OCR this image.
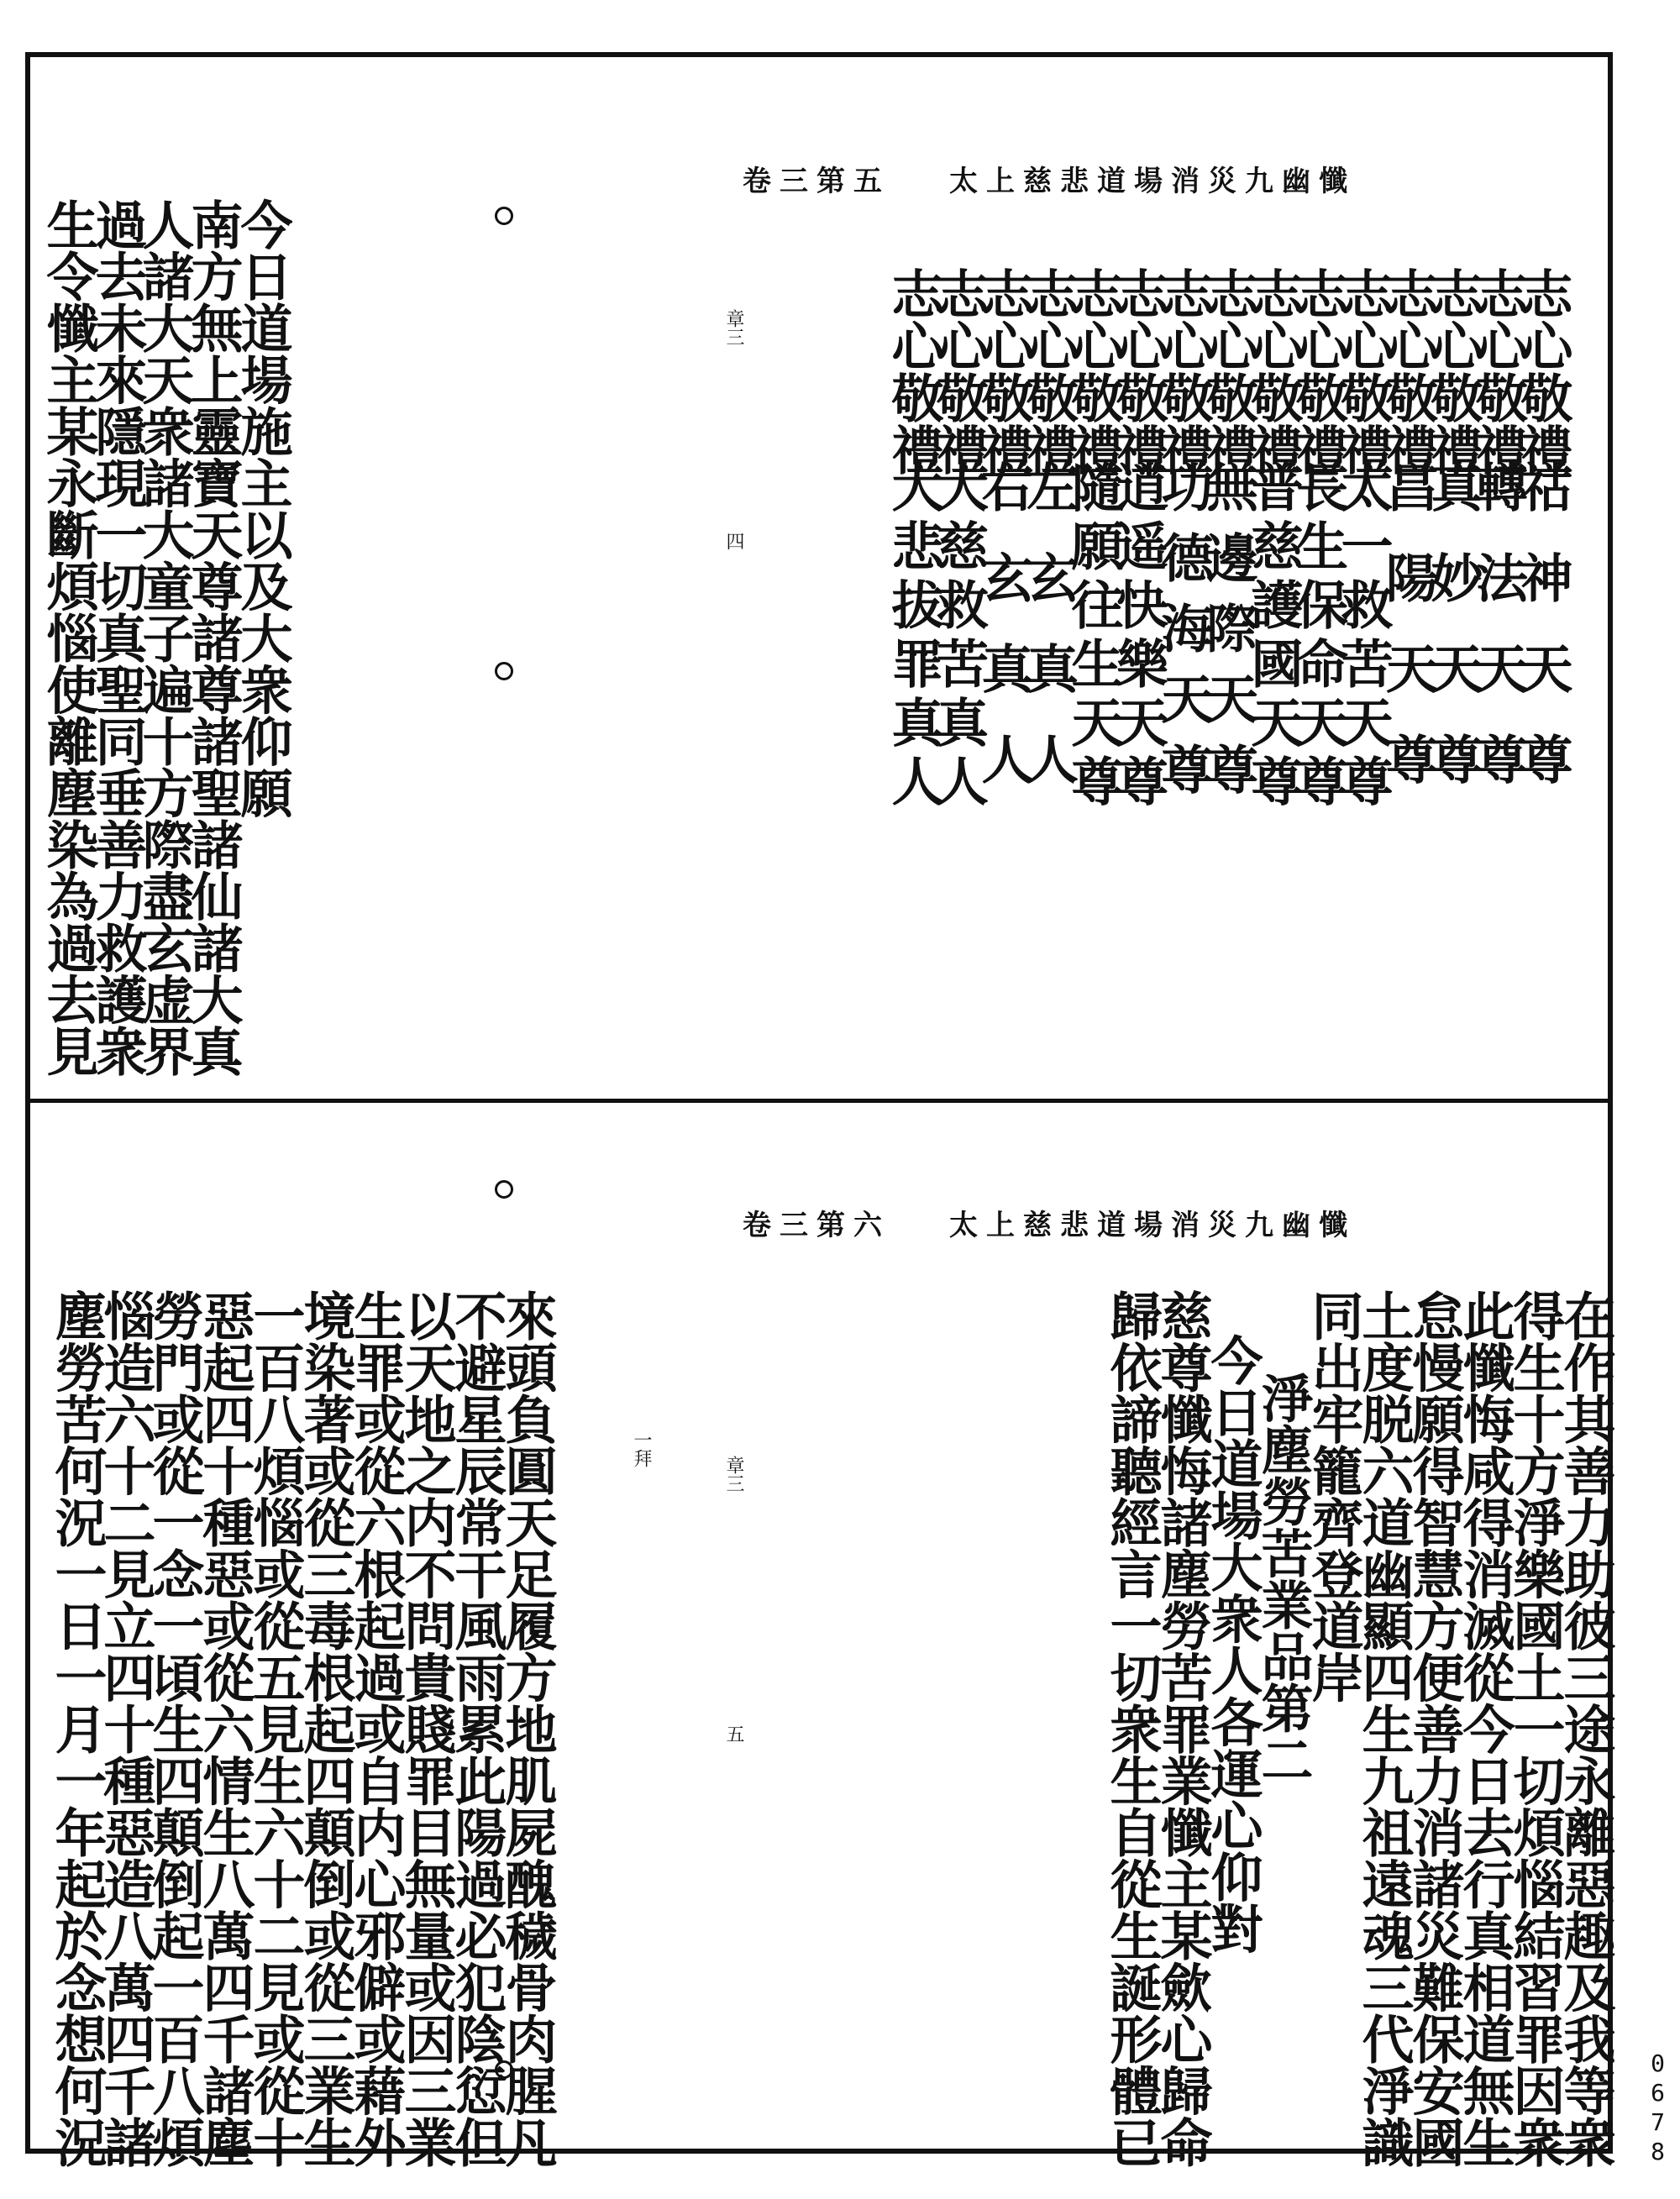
太上慈悲道場消災九幽懺
卷三第五
志心敬禮
祜神天尊
志心敬禮
轉法天尊
志心敬禮
真妙天尊
志心敬禮
昌陽天尊
志心敬禮
太一救苦天尊
志心敬禮
長生保命天尊
志心敬禮
普慈護國天尊
志心敬禮
無邊際天尊
志心敬禮
功德海天尊
志心敬禮
逍遥快樂天尊
志心敬禮
隨願往生天尊
志心敬禮
左玄真人
志心敬禮
右玄真人
志心敬禮
大慈救苦真人
志心敬禮
大悲拔罪真人
章三
四
今日道場施主以及大衆仰願
南方無上靈寶天尊諸尊諸聖諸仙諸大真
人諸大天衆諸大童子遍十方際盡玄虚界
過去未來隱現一切真聖同垂善力救護衆
生令懺主某永斷煩惱使離塵染為過去見
太上慈悲道場消災九幽懺
卷三第六
在作其善力助彼三途永離惡趣及我等衆
得生十方淨樂國土一切煩惱結習罪因衆
此懺悔咸得消滅從今日去行真相道無生
怠慢願得智慧方便善力消諸災難保安國
土度脱六道幽顯四生九祖遠魂三代淨識
同出牢籠齊登道岸
淨塵勞苦業品第二
今日道場大衆人各運心仰對
慈尊懺悔諸塵勞苦罪業懺主某歛心歸命
歸依諦聽經言一切衆生自從生誕形體已
來頭負圓天足履方地肌屍醜穢骨肉腥凡
不避星辰常干風雨累此陽過必犯陰愆但
以天地之内不問貴賤罪目無量或因三業
生罪或從六根起過或自内心邪僻或藉外
境染著或從三毒根起四顛倒或從三業生
一百八煩惱或從五見生六十二見或從十
惡起四十種惡或從六情生八萬四千諸塵
勞門或從一念一頃生四顛倒起一百八煩
惱造六十二見立四十種惡造八萬四千諸
塵勞苦何況一日一月一年起於念想何況	一拜
章三
五
0678
